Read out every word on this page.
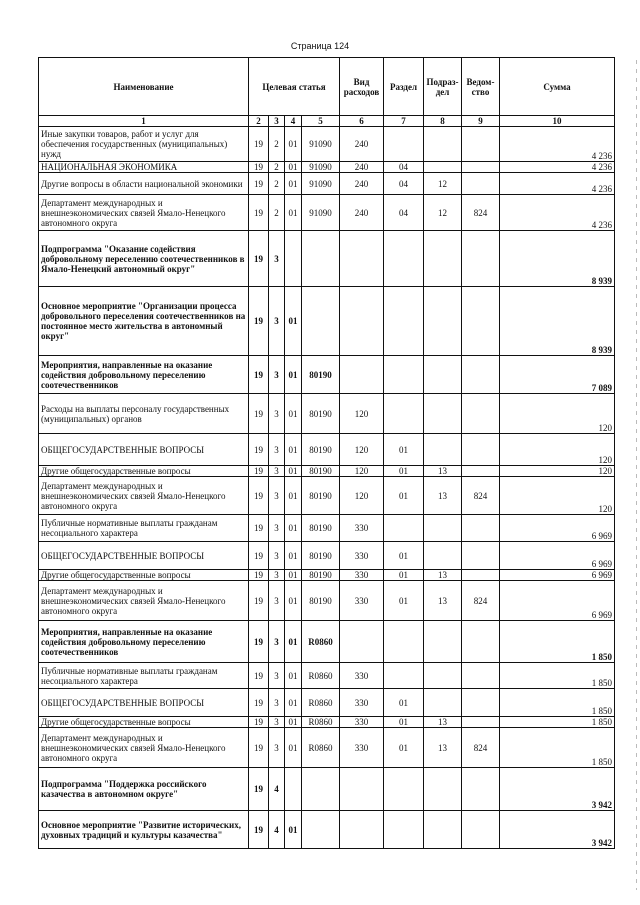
Страница 124
Наименование	Целевая статья				Вид расходов	Раздел	Подраз-дел	Ведом-ство	Сумма
1	2	3	4	5	6	7	8	9	10
Иные закупки товаров, работ и услуг для обеспечения государственных (муниципальных) нужд	19	2	01	91090	240				4 236
НАЦИОНАЛЬНАЯ ЭКОНОМИКА	19	2	01	91090	240	04			4 236
Другие вопросы в области национальной экономики	19	2	01	91090	240	04	12		4 236
Департамент международных и внешнеэкономических связей Ямало-Ненецкого автономного округа	19	2	01	91090	240	04	12	824	4 236
Подпрограмма "Оказание содействия добровольному переселению соотечественников в Ямало-Ненецкий автономный округ"	19	3							8 939
Основное мероприятие "Организации процесса добровольного переселения соотечественников на постоянное место жительства в автономный округ"	19	3	01						8 939
Мероприятия, направленные на оказание содействия добровольному переселению соотечественников	19	3	01	80190					7 089
Расходы на выплаты персоналу государственных (муниципальных) органов	19	3	01	80190	120				120
ОБЩЕГОСУДАРСТВЕННЫЕ ВОПРОСЫ	19	3	01	80190	120	01			120
Другие общегосударственные вопросы	19	3	01	80190	120	01	13		120
Департамент международных и внешнеэкономических связей Ямало-Ненецкого автономного округа	19	3	01	80190	120	01	13	824	120
Публичные нормативные выплаты гражданам несоциального характера	19	3	01	80190	330				6 969
ОБЩЕГОСУДАРСТВЕННЫЕ ВОПРОСЫ	19	3	01	80190	330	01			6 969
Другие общегосударственные вопросы	19	3	01	80190	330	01	13		6 969
Департамент международных и внешнеэкономических связей Ямало-Ненецкого автономного округа	19	3	01	80190	330	01	13	824	6 969
Мероприятия, направленные на оказание содействия добровольному переселению соотечественников	19	3	01	R0860					1 850
Публичные нормативные выплаты гражданам несоциального характера	19	3	01	R0860	330				1 850
ОБЩЕГОСУДАРСТВЕННЫЕ ВОПРОСЫ	19	3	01	R0860	330	01			1 850
Другие общегосударственные вопросы	19	3	01	R0860	330	01	13		1 850
Департамент международных и внешнеэкономических связей Ямало-Ненецкого автономного округа	19	3	01	R0860	330	01	13	824	1 850
Подпрограмма "Поддержка российского казачества в автономном округе"	19	4							3 942
Основное мероприятие "Развитие исторических, духовных традиций и культуры казачества"	19	4	01						3 942
